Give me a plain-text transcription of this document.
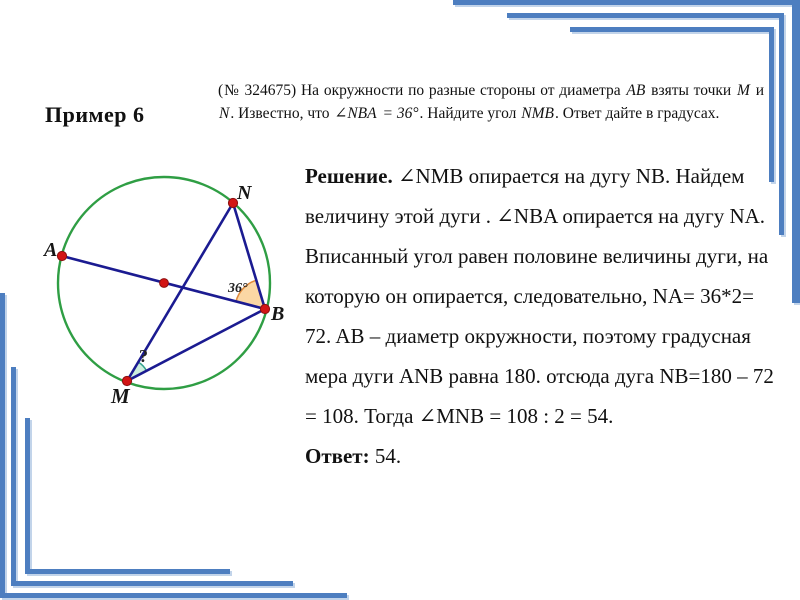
Пример 6
(№ 324675) На окружности по разные стороны от диаметра AB взяты точки M и N. Известно, что ∠NBA = 36°. Найдите угол NMB. Ответ дайте в градусах.
A
N
B
M
36°
?

Решение. ∠NMB опирается на дугу NB. Найдем величину этой дуги . ∠NBA опирается на дугу NA. Вписанный угол равен половине величины дуги, на которую он опирается, следовательно, NA= 36*2= 72. AB – диаметр окружности, поэтому градусная мера дуги ANB равна 180. отсюда дуга NB=180 – 72 = 108. Тогда ∠MNB = 108 : 2 = 54.

Ответ: 54.
